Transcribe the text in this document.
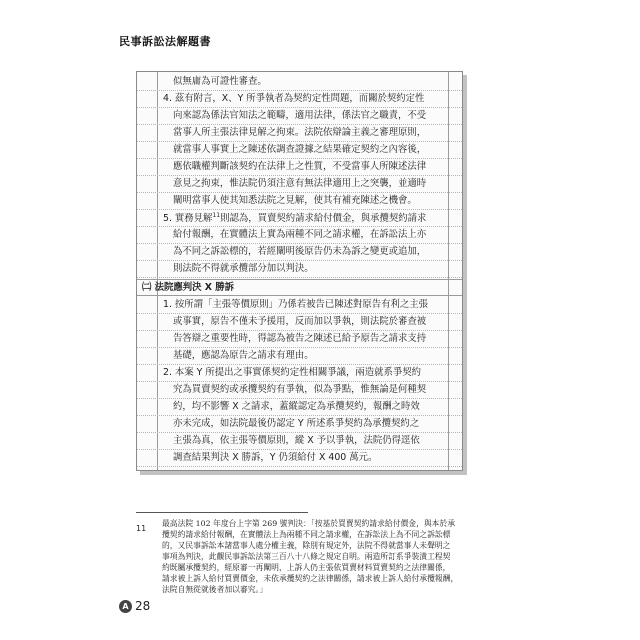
民事訴訟法解題書
似無庸為可證性審查。
4. 茲有附言，X、Y 所爭執者為契約定性問題，而關於契約定性
向來認為係法官知法之範疇，適用法律，係法官之職責，不受
當事人所主張法律見解之拘束。法院依辯論主義之審理原則，
就當事人事實上之陳述依調查證據之結果確定契約之內容後，
應依職權判斷該契約在法律上之性質，不受當事人所陳述法律
意見之拘束，惟法院仍須注意有無法律適用上之突襲，並適時
闡明當事人使其知悉法院之見解，使其有補充陳述之機會。
5. 實務見解$^{11}$則認為，買賣契約請求給付價金，與承攬契約請求
給付報酬，在實體法上實為兩種不同之請求權，在訴訟法上亦
為不同之訴訟標的，若經闡明後原告仍未為訴之變更或追加，
則法院不得就承攬部分加以判決。
㈡ 法院應判決 X 勝訴
1. 按所謂「主張等價原則」乃係若被告已陳述對原告有利之主張
或事實，原告不僅未予援用，反而加以爭執，則法院於審查被
告答辯之重要性時，得認為被告之陳述已給予原告之請求支持
基礎，應認為原告之請求有理由。
2. 本案 Y 所提出之事實係契約定性相關爭議，兩造就系爭契約
究為買賣契約或承攬契約有爭執，似為爭點，惟無論是何種契
約，均不影響 X 之請求，蓋縱認定為承攬契約，報酬之時效
亦未完成，如法院最後仍認定 Y 所述系爭契約為承攬契約之
主張為真，依主張等價原則，縱 X 予以爭執，法院仍得逕依
調查結果判決 X 勝訴，Y 仍須給付 X 400 萬元。
11
最高法院 102 年度台上字第 269 號判決：「按基於買賣契約請求給付價金，與本於承
攬契約請求給付報酬，在實體法上為兩種不同之請求權，在訴訟法上為不同之訴訟標
的，又民事訴訟本諸當事人處分權主義，除別有規定外，法院不得就當事人未聲明之
事項為判決，此觀民事訴訟法第三百八十八條之規定自明。兩造所訂系爭裝潢工程契
約既屬承攬契約，經原審一再闡明，上訴人仍主張依買賣材料買賣契約之法律關係，
請求被上訴人給付買賣價金，未依承攬契約之法律關係，請求被上訴人給付承攬報酬，
法院自無從就後者加以審究。」
A 28
